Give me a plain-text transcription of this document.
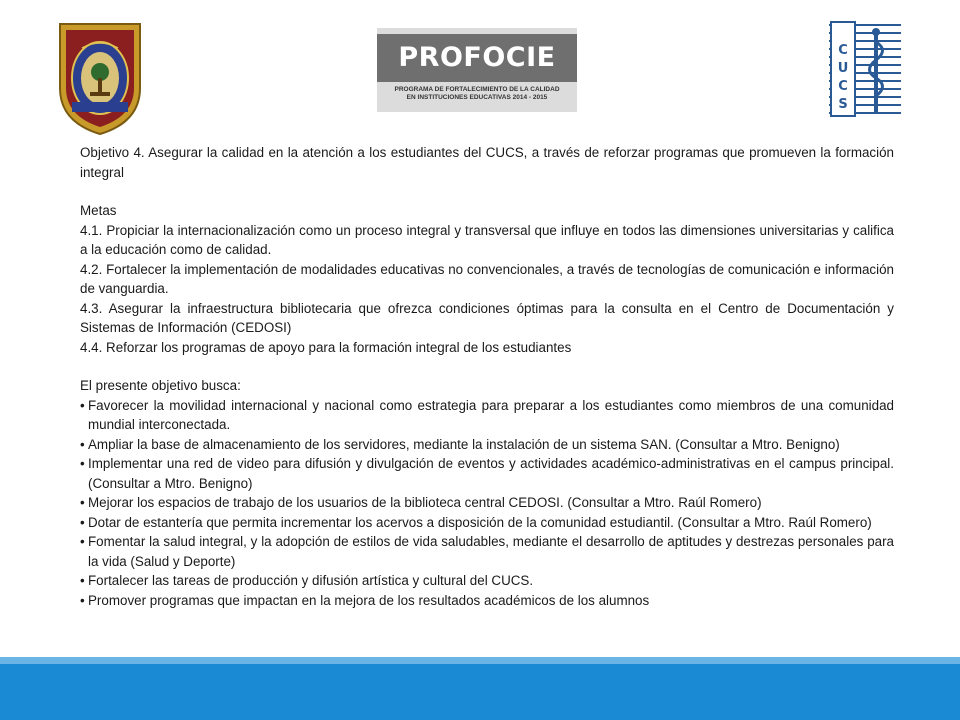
PROFOCIE
PROGRAMA DE FORTALECIMIENTO DE LA CALIDAD
EN INSTITUCIONES EDUCATIVAS 2014 - 2015
C
U
C
S

Objetivo 4. Asegurar la calidad en la atención a los estudiantes del CUCS, a través de reforzar programas que promueven la formación integral

Metas

4.1. Propiciar la internacionalización como un proceso integral y transversal que influye en todos las dimensiones universitarias y califica a la educación como de calidad.

4.2. Fortalecer la implementación de modalidades educativas no convencionales, a través de tecnologías de comunicación e información de vanguardia.

4.3. Asegurar la infraestructura bibliotecaria que ofrezca condiciones óptimas para la consulta en el Centro de Documentación y Sistemas de Información (CEDOSI)

4.4. Reforzar los programas de apoyo para la formación integral de los estudiantes

El presente objetivo busca:

• Favorecer la movilidad internacional y nacional como estrategia para preparar a los estudiantes como miembros de una comunidad mundial interconectada.

• Ampliar la base de almacenamiento de los servidores, mediante la instalación de un sistema SAN. (Consultar a Mtro. Benigno)

• Implementar una red de video para difusión y divulgación de eventos y actividades académico-administrativas en el campus principal. (Consultar a Mtro. Benigno)

• Mejorar los espacios de trabajo de los usuarios de la biblioteca central CEDOSI. (Consultar a Mtro. Raúl Romero)

• Dotar de estantería que permita incrementar los acervos a disposición de la comunidad estudiantil. (Consultar a Mtro. Raúl Romero)

• Fomentar la salud integral, y la adopción de estilos de vida saludables, mediante el desarrollo de aptitudes y destrezas personales para la vida (Salud y Deporte)

• Fortalecer las tareas de producción y difusión artística y cultural del CUCS.

• Promover programas que impactan en la mejora de los resultados académicos de los alumnos
